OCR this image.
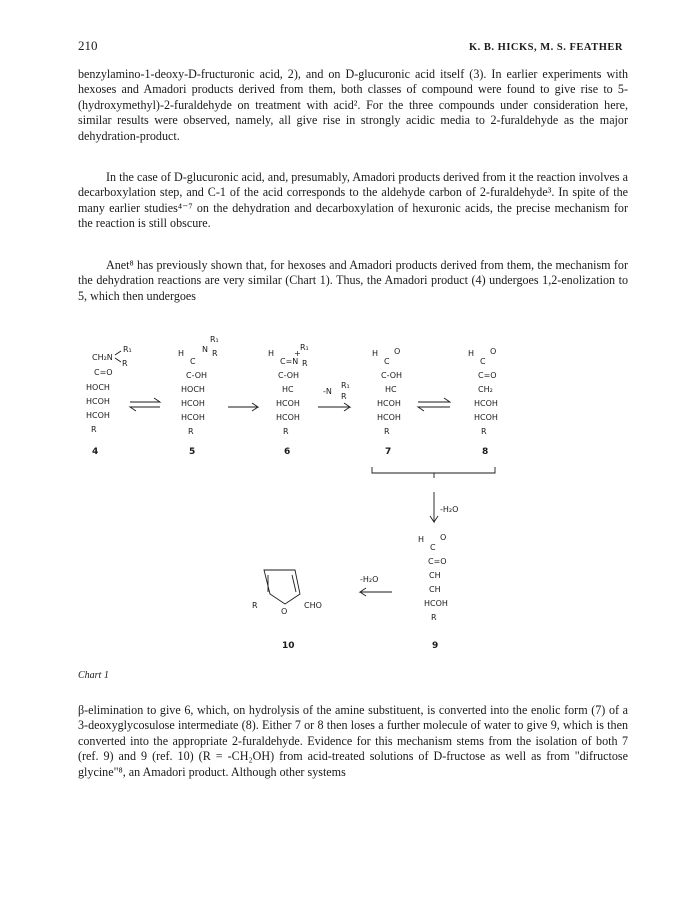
210	K. B. HICKS, M. S. FEATHER

benzylamino-1-deoxy-D-fructuronic acid, 2), and on D-glucuronic acid itself (3). In earlier experiments with hexoses and Amadori products derived from them, both classes of compound were found to give rise to 5-(hydroxymethyl)-2-furaldehyde on treatment with acid². For the three compounds under consideration here, similar results were observed, namely, all give rise in strongly acidic media to 2-furaldehyde as the major dehydration-product.

In the case of D-glucuronic acid, and, presumably, Amadori products derived from it the reaction involves a decarboxylation step, and C-1 of the acid corresponds to the aldehyde carbon of 2-furaldehyde³. In spite of the many earlier studies⁴⁻⁷ on the dehydration and decarboxylation of hexuronic acids, the precise mechanism for the reaction is still obscure.

Anet⁸ has previously shown that, for hexoses and Amadori products derived from them, the mechanism for the dehydration reactions are very similar (Chart 1). Thus, the Amadori product (4) undergoes 1,2-enolization to 5, which then undergoes

CH₂N
R₁
R
C=O
HOCH
HCOH
HCOH
R
4
H
C
N
R₁
R
C-OH
HOCH
HCOH
HCOH
R
5
H
C=N
+
R₁
R
C-OH
HC
HCOH
HCOH
R
6
-N
R₁
R
H
C
O
C-OH
HC
HCOH
HCOH
R
7
H
C
O
C=O
CH₂
HCOH
HCOH
R
8
-H₂O
H
C
O
C=O
CH
CH
HCOH
R
9
-H₂O
R
O
CHO
10
Chart 1

β-elimination to give 6, which, on hydrolysis of the amine substituent, is converted into the enolic form (7) of a 3-deoxyglycosulose intermediate (8). Either 7 or 8 then loses a further molecule of water to give 9, which is then converted into the appropriate 2-furaldehyde. Evidence for this mechanism stems from the isolation of both 7 (ref. 9) and 9 (ref. 10) (R = -CH₂OH) from acid-treated solutions of D-fructose as well as from "difructose glycine"⁸, an Amadori product. Although other systems
